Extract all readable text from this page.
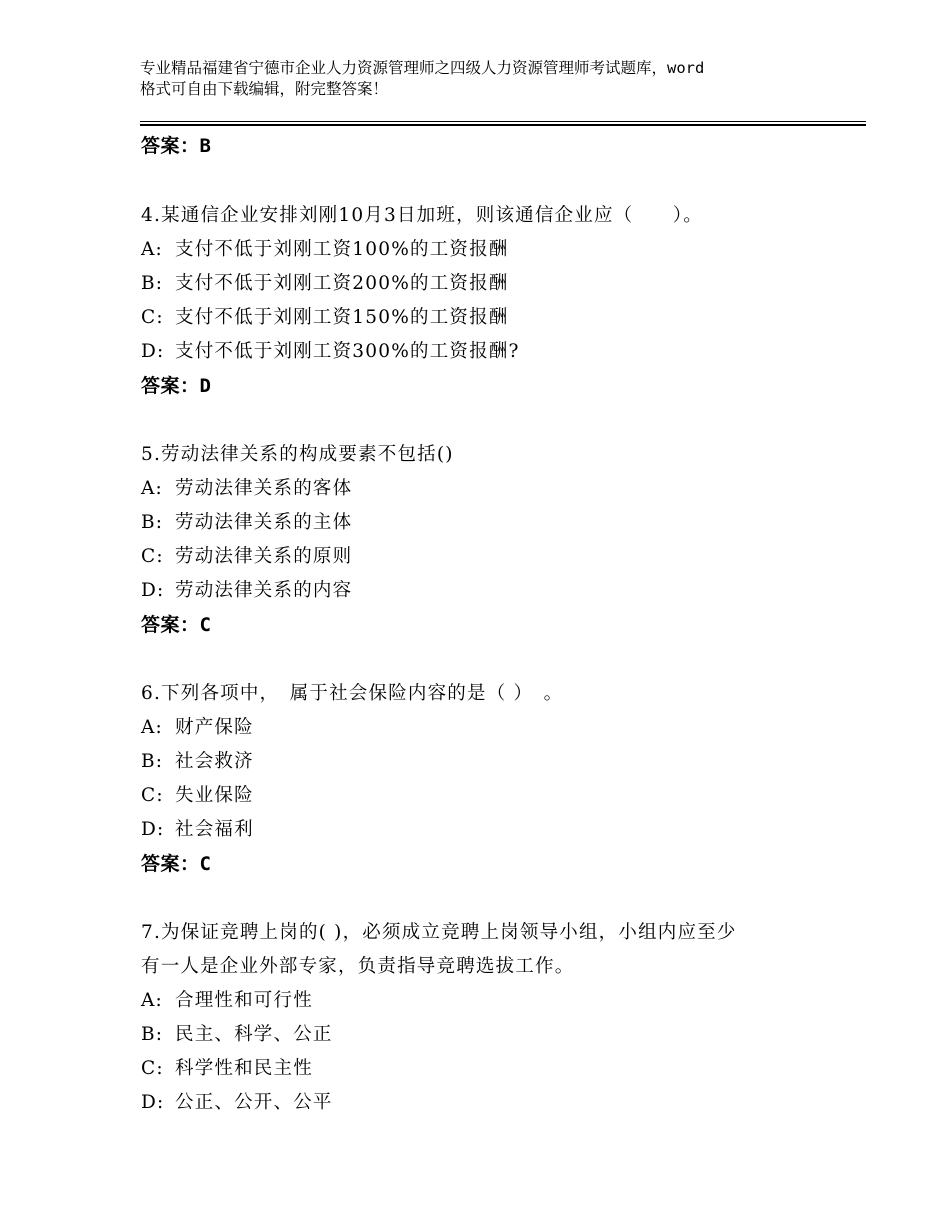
专业精品福建省宁德市企业人力资源管理师之四级人力资源管理师考试题库，word
格式可自由下载编辑，附完整答案！
答案：B
4.某通信企业安排刘刚10月3日加班，则该通信企业应（　　）。
A: 支付不低于刘刚工资100%的工资报酬
B: 支付不低于刘刚工资200%的工资报酬
C: 支付不低于刘刚工资150%的工资报酬
D: 支付不低于刘刚工资300%的工资报酬?
答案：D
5.劳动法律关系的构成要素不包括()
A: 劳动法律关系的客体
B: 劳动法律关系的主体
C: 劳动法律关系的原则
D: 劳动法律关系的内容
答案：C
6.下列各项中，　属于社会保险内容的是（ ）　。
A: 财产保险
B: 社会救济
C: 失业保险
D: 社会福利
答案：C
7.为保证竞聘上岗的( )，必须成立竞聘上岗领导小组，小组内应至少
有一人是企业外部专家，负责指导竞聘选拔工作。
A: 合理性和可行性
B: 民主、科学、公正
C: 科学性和民主性
D: 公正、公开、公平
